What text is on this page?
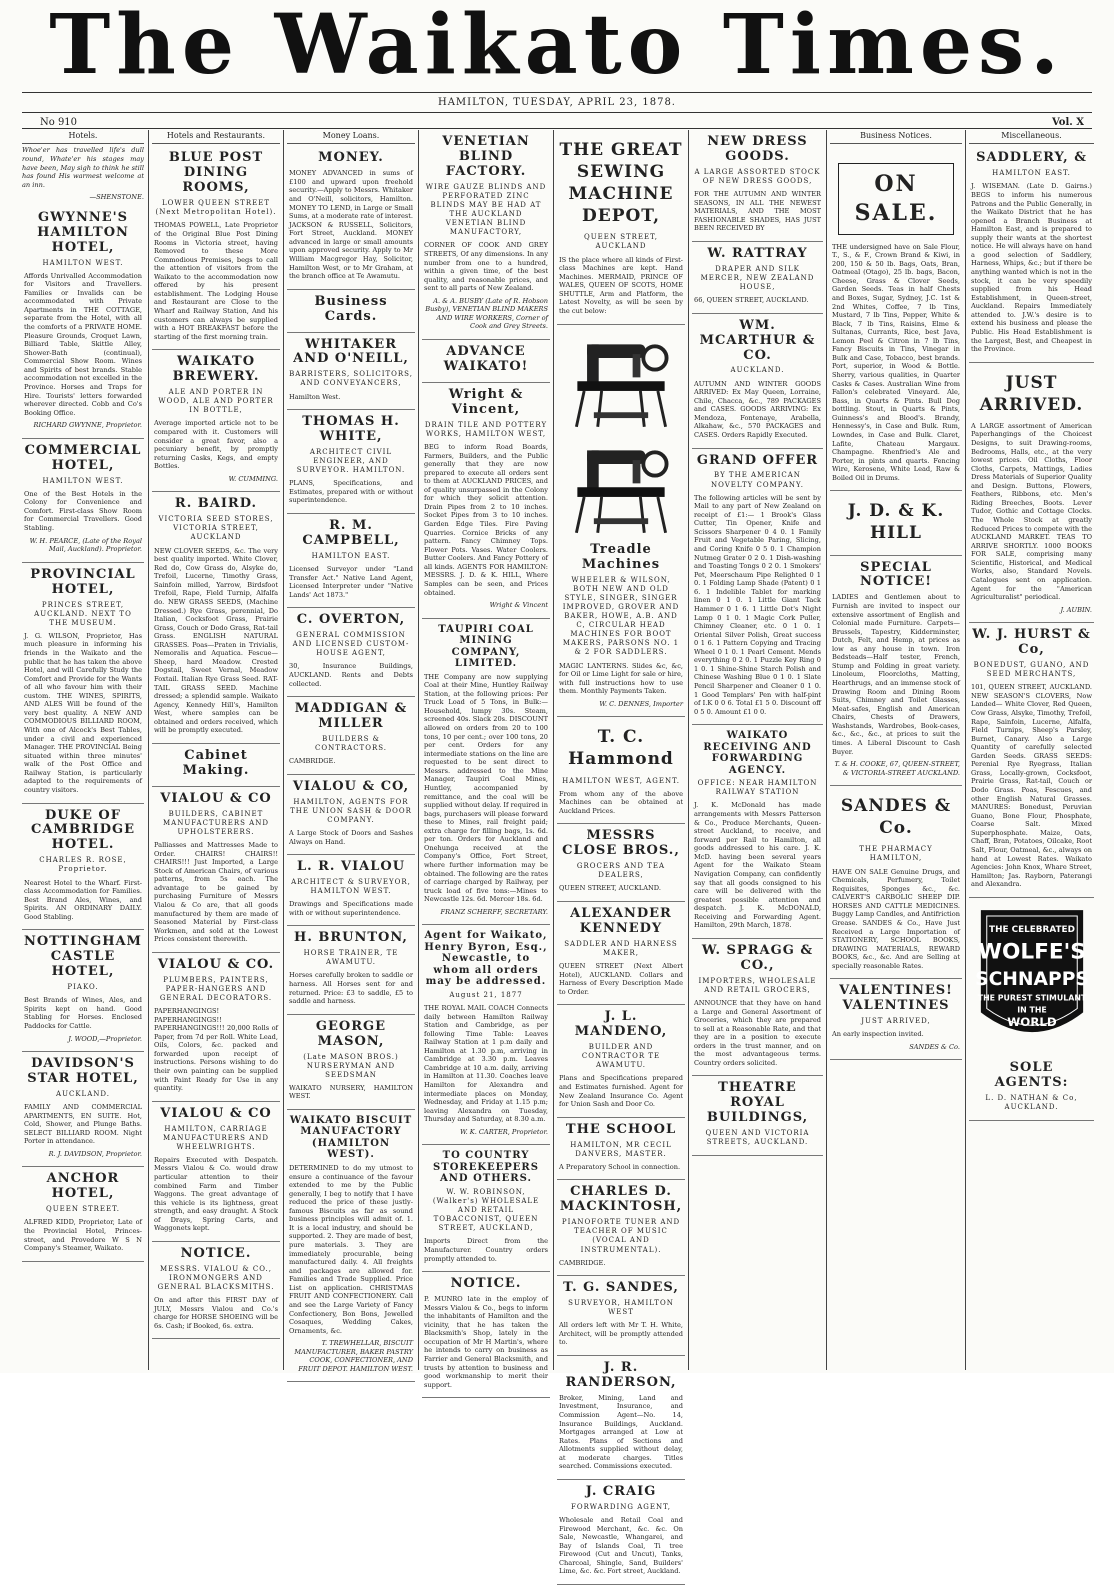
The Waikato Times.
HAMILTON, TUESDAY, APRIL 23, 1878.
No 910	Vol. X
Hotels.

Whoe'er has travelled life's dull round, Whate'er his stages may have been, May sigh to think he still has found His warmest welcome at an inn.

—SHENSTONE.

GWYNNE'S HAMILTON HOTEL,

HAMILTON WEST.

Affords Unrivalled Accommodation for Visitors and Travellers. Families or Invalids can be accommodated with Private Apartments in THE COTTAGE, separate from the Hotel, with all the comforts of a PRIVATE HOME. Pleasure Grounds, Croquet Lawn, Billiard Table, Skittle Alley, Shower-Bath (continual), Commercial Show Room. Wines and Spirits of best brands. Stable accommodation not excelled in the Province. Horses and Traps for Hire. Tourists' letters forwarded wherever directed. Cobb and Co's Booking Office.

RICHARD GWYNNE, Proprietor.

COMMERCIAL HOTEL,

HAMILTON WEST.

One of the Best Hotels in the Colony for Convenience and Comfort. First-class Show Room for Commercial Travellers. Good Stabling.

W. H. PEARCE, (Late of the Royal Mail, Auckland). Proprietor.

PROVINCIAL HOTEL,

PRINCES STREET, AUCKLAND. NEXT TO THE MUSEUM.

J. G. WILSON, Proprietor, Has much pleasure in informing his friends in the Waikato and the public that he has taken the above Hotel, and will Carefully Study the Comfort and Provide for the Wants of all who favour him with their custom. THE WINES, SPIRITS, AND ALES Will be found of the very best quality. A NEW AND COMMODIOUS BILLIARD ROOM, With one of Alcock's Best Tables, under a civil and experienced Manager. THE PROVINCIAL Being situated within three minutes' walk of the Post Office and Railway Station, is particularly adapted to the requirements of country visitors.

DUKE OF CAMBRIDGE HOTEL.

CHARLES R. ROSE, Proprietor.

Nearest Hotel to the Wharf. First-class Accommodation for Families. Best Brand Ales, Wines, and Spirits. AN ORDINARY DAILY. Good Stabling.

NOTTINGHAM CASTLE HOTEL,

PIAKO.

Best Brands of Wines, Ales, and Spirits kept on hand. Good Stabling for Horses. Enclosed Paddocks for Cattle.

J. WOOD,—Proprietor.

DAVIDSON'S STAR HOTEL,

AUCKLAND.

FAMILY AND COMMERCIAL APARTMENTS, EN SUITE. Hot, Cold, Shower, and Plunge Baths. SELECT BILLIARD ROOM. Night Porter in attendance.

R. J. DAVIDSON, Proprietor.

ANCHOR HOTEL,

QUEEN STREET.

ALFRED KIDD, Proprietor, Late of the Provincial Hotel, Princes-street, and Provedore W S N Company's Steamer, Waikato.

Hotels and Restaurants.
BLUE POST DINING ROOMS,

LOWER QUEEN STREET (Next Metropolitan Hotel).

THOMAS POWELL, Late Proprietor of the Original Blue Post Dining Rooms in Victoria street, having Removed to these More Commodious Premises, begs to call the attention of visitors from the Waikato to the accommodation now offered by his present establishment. The Lodging House and Restaurant are Close to the Wharf and Railway Station, And his customers can always be supplied with a HOT BREAKFAST before the starting of the first morning train.

WAIKATO BREWERY.

ALE AND PORTER IN WOOD, ALE AND PORTER IN BOTTLE,

Average imported article not to be compared with it. Customers will consider a great favor, also a pecuniary benefit, by promptly returning Casks, Kegs, and empty Bottles.

W. CUMMING.

R. BAIRD.

VICTORIA SEED STORES, VICTORIA STREET, AUCKLAND

NEW CLOVER SEEDS, &c. The very best quality imported. White Clover, Red do, Cow Grass do, Alsyke do, Trefoil, Lucerne, Timothy Grass, Sainfoin milled, Yarrow, Birdsfoot Trefoil, Rape, Field Turnip, Alfalfa do. NEW GRASS SEEDS, (Machine Dressed.) Rye Grass, perennial, Do Italian, Cocksfoot Grass, Prairie Grass, Couch or Dodo Grass, Rat-tail Grass. ENGLISH NATURAL GRASSES. Poas—Praten in Trivialis, Nemoralis and Aquatica. Fescue—Sheep, hard Meadow. Crested Dogstail, Sweet Vernal, Meadow Foxtail. Italian Rye Grass Seed. RAT-TAIL GRASS SEED. Machine dressed; a splendid sample. Waikato Agency, Kennedy Hill's, Hamilton West, where samples can be obtained and orders received, which will be promptly executed.

Cabinet Making.
VIALOU & CO

BUILDERS, CABINET MANUFACTURERS AND UPHOLSTERERS.

Palliasses and Mattresses Made to Order. CHAIRS! CHAIRS!! CHAIRS!!! Just Imported, a Large Stock of American Chairs, of various patterns, from 5s each. The advantage to be gained by purchasing Furniture of Messrs Vialou & Co are, that all goods manufactured by them are made of Seasoned Material by First-class Workmen, and sold at the Lowest Prices consistent therewith.

VIALOU & CO.

PLUMBERS, PAINTERS, PAPER-HANGERS AND GENERAL DECORATORS.

PAPERHANGINGS! PAPERHANGINGS!! PAPERHANGINGS!!! 20,000 Rolls of Paper, from 7d per Roll. White Lead, Oils, Colors, &c. packed and forwarded upon receipt of instructions. Persons wishing to do their own painting can be supplied with Paint Ready for Use in any quantity.

VIALOU & CO

HAMILTON, CARRIAGE MANUFACTURERS AND WHEELWRIGHTS.

Repairs Executed with Despatch. Messrs Vialou & Co. would draw particular attention to their combined Farm and Timber Waggons. The great advantage of this vehicle is its lightness, great strength, and easy draught. A Stock of Drays, Spring Carts, and Waggonets kept.

NOTICE.

MESSRS. VIALOU & CO., IRONMONGERS AND GENERAL BLACKSMITHS.

On and after this FIRST DAY of JULY, Messrs Vialou and Co.'s charge for HORSE SHOEING will be 6s. Cash; if Booked, 6s. extra.

Money Loans.
MONEY.

MONEY ADVANCED in sums of £100 and upward upon freehold security.—Apply to Messrs. Whitaker and O'Neill, solicitors, Hamilton. MONEY TO LEND, in Large or Small Sums, at a moderate rate of interest. JACKSON & RUSSELL, Solicitors, Fort Street, Auckland. MONEY advanced in large or small amounts upon approved security. Apply to Mr William Macgregor Hay, Solicitor, Hamilton West, or to Mr Graham, at the branch office at Te Awamutu.

Business Cards.
WHITAKER AND O'NEILL,

BARRISTERS, SOLICITORS, AND CONVEYANCERS,

Hamilton West.

THOMAS H. WHITE,

ARCHITECT CIVIL ENGINEER, AND SURVEYOR. HAMILTON.

PLANS, Specifications, and Estimates, prepared with or without superintendence.

R. M. CAMPBELL,

HAMILTON EAST.

Licensed Surveyor under "Land Transfer Act." Native Land Agent, Licensed Interpreter under "Native Lands' Act 1873."

C. OVERTON,

GENERAL COMMISSION AND LICENSED CUSTOM-HOUSE AGENT,

30, Insurance Buildings, AUCKLAND. Rents and Debts collected.

MADDIGAN & MILLER

BUILDERS & CONTRACTORS.

CAMBRIDGE.

VIALOU & CO,

HAMILTON, AGENTS FOR THE UNION SASH & DOOR COMPANY.

A Large Stock of Doors and Sashes Always on Hand.

L. R. VIALOU

ARCHITECT & SURVEYOR, HAMILTON WEST.

Drawings and Specifications made with or without superintendence.

H. BRUNTON,

HORSE TRAINER, TE AWAMUTU.

Horses carefully broken to saddle or harness. All Horses sent for and returned. Price: £3 to saddle, £5 to saddle and harness.

GEORGE MASON,

(Late MASON BROS.) NURSERYMAN AND SEEDSMAN

WAIKATO NURSERY, HAMILTON WEST.

WAIKATO BISCUIT MANUFACTORY (HAMILTON WEST).

DETERMINED to do my utmost to ensure a continuance of the favour extended to me by the Public generally, I beg to notify that I have reduced the price of these justly-famous Biscuits as far as sound business principles will admit of. 1. It is a local industry, and should be supported. 2. They are made of best, pure materials. 3. They are immediately procurable, being manufactured daily. 4. All freights and packages are allowed for. Families and Trade Supplied. Price List on application. CHRISTMAS FRUIT AND CONFECTIONERY. Call and see the Large Variety of Fancy Confectionery, Bon Bons, Jewelled Cosaques, Wedding Cakes, Ornaments, &c.

T. TREWHELLAR, BISCUIT MANUFACTURER, BAKER PASTRY COOK, CONFECTIONER, AND FRUIT DEPOT. HAMILTON WEST.

VENETIAN BLIND FACTORY.

WIRE GAUZE BLINDS AND PERFORATED ZINC BLINDS MAY BE HAD AT THE AUCKLAND VENETIAN BLIND MANUFACTORY,

CORNER OF COOK AND GREY STREETS, Of any dimensions. In any number from one to a hundred, within a given time, of the best quality, and reasonable prices, and sent to all parts of New Zealand.

A. & A. BUSBY (Late of R. Hobson Busby), VENETIAN BLIND MAKERS AND WIRE WORKERS, Corner of Cook and Grey Streets.

ADVANCE WAIKATO!
Wright & Vincent,

DRAIN TILE AND POTTERY WORKS, HAMILTON WEST,

BEG to inform Road Boards, Farmers, Builders, and the Public generally that they are now prepared to execute all orders sent to them at AUCKLAND PRICES, and of quality unsurpassed in the Colony for which they solicit attention. Drain Pipes from 2 to 10 inches. Socket Pipes from 3 to 10 inches. Garden Edge Tiles. Fire Paving Quarries. Cornice Bricks of any pattern. Fancy Chimney Tops. Flower Pots. Vases. Water Coolers. Butter Coolers. And Fancy Pottery of all kinds. AGENTS FOR HAMILTON: MESSRS. J. D. & K. HILL, Where Samples can be seen, and Prices obtained.

Wright & Vincent

TAUPIRI COAL MINING COMPANY, LIMITED.

THE Company are now supplying Coal at their Mine, Huntley Railway Station, at the following prices: Per Truck Load of 5 Tons, in Bulk:— Household, lumpy 30s. Steam, screened 40s. Slack 20s. DISCOUNT allowed on orders from 20 to 100 tons, 10 per cent.; over 100 tons, 20 per cent. Orders for any intermediate stations on the line are requested to be sent direct to Messrs. addressed to the Mine Manager, Taupiri Coal Mines, Huntley, accompanied by remittance, and the coal will be supplied without delay. If required in bags, purchasers will please forward these to Mines, rail freight paid; extra charge for filling bags, 1s. 6d. per ton. Orders for Auckland and Onehunga received at the Company's Office, Fort Street, where further information may be obtained. The following are the rates of carriage charged by Railway, per truck load of five tons:—Mines to Newcastle 12s. 6d. Mercer 18s. 6d.

FRANZ SCHERFF, SECRETARY.

Agent for Waikato, Henry Byron, Esq., Newcastle, to whom all orders may be addressed.

August 21, 1877

THE ROYAL MAIL COACH Connects daily between Hamilton Railway Station and Cambridge, as per following Time Table: Leaves Railway Station at 1 p.m daily and Hamilton at 1.30 p.m, arriving in Cambridge at 3.30 p.m. Leaves Cambridge at 10 a.m. daily, arriving in Hamilton at 11.30. Coaches leave Hamilton for Alexandra and intermediate places on Monday, Wednesday, and Friday at 1.15 p.m; leaving Alexandra on Tuesday, Thursday and Saturday, at 8.30 a.m.

W. K. CARTER, Proprietor.

TO COUNTRY STOREKEEPERS AND OTHERS.

W. W. ROBINSON, (Walker's) WHOLESALE AND RETAIL TOBACCONIST, QUEEN STREET, AUCKLAND,

Imports Direct from the Manufacturer. Country orders promptly attended to.

NOTICE.

P. MUNRO late in the employ of Messrs Vialou & Co., begs to inform the inhabitants of Hamilton and the vicinity, that he has taken the Blacksmith's Shop, lately in the occupation of Mr H Martin's, where he intends to carry on business as Farrier and General Blacksmith, and trusts by attention to business and good workmanship to merit their support.

THE GREAT SEWING MACHINE DEPOT,

QUEEN STREET, AUCKLAND

IS the place where all kinds of First-class Machines are kept. Hand Machines. MERMAID, PRINCE OF WALES, QUEEN OF SCOTS, HOME SHUTTLE, Arm and Platform, the Latest Novelty, as will be seen by the cut below:

Treadle Machines

WHEELER & WILSON, BOTH NEW AND OLD STYLE, SINGER, SINGER IMPROVED, GROVER AND BAKER, HOWE, A.B. AND C, CIRCULAR HEAD MACHINES FOR BOOT MAKERS, PARSONS NO. 1 & 2 FOR SADDLERS.

MAGIC LANTERNS. Slides &c, &c, for Oil or Lime Light for sale or hire, with full instructions how to use them. Monthly Payments Taken.

W. C. DENNES, Importer

T. C. Hammond

HAMILTON WEST, AGENT.

From whom any of the above Machines can be obtained at Auckland Prices.

MESSRS CLOSE BROS.,

GROCERS AND TEA DEALERS,

QUEEN STREET, AUCKLAND.

ALEXANDER KENNEDY

SADDLER AND HARNESS MAKER,

QUEEN STREET (Next Albert Hotel), AUCKLAND. Collars and Harness of Every Description Made to Order.

J. L. MANDENO,

BUILDER AND CONTRACTOR TE AWAMUTU.

Plans and Specifications prepared and Estimates furnished. Agent for New Zealand Insurance Co. Agent for Union Sash and Door Co.

THE SCHOOL

HAMILTON, MR CECIL DANVERS, MASTER.

A Preparatory School in connection.

CHARLES D. MACKINTOSH,

PIANOFORTE TUNER AND TEACHER OF MUSIC (VOCAL AND INSTRUMENTAL).

CAMBRIDGE.

T. G. SANDES,

SURVEYOR, HAMILTON WEST

All orders left with Mr T. H. White, Architect, will be promptly attended to.

J. R. RANDERSON,

Broker, Mining, Land and Investment, Insurance, and Commission Agent—No. 14, Insurance Buildings, Auckland. Mortgages arranged at Low at Rates. Plans of Sections and Allotments supplied without delay, at moderate charges. Titles searched. Commissions executed.

J. CRAIG

FORWARDING AGENT,

Wholesale and Retail Coal and Firewood Merchant, &c. &c. On Sale, Newcastle, Whangarei, and Bay of Islands Coal, Ti tree Firewood (Cut and Uncut), Tanks, Charcoal, Shingle, Sand, Builders' Lime, &c. &c. Fort street, Auckland.

NEW DRESS GOODS.

A LARGE ASSORTED STOCK OF NEW DRESS GOODS,

FOR THE AUTUMN AND WINTER SEASONS, IN ALL THE NEWEST MATERIALS, AND THE MOST FASHIONABLE SHADES, HAS JUST BEEN RECEIVED BY

W. RATTRAY

DRAPER AND SILK MERCER, NEW ZEALAND HOUSE,

66, QUEEN STREET, AUCKLAND.

WM. MCARTHUR & CO.

AUCKLAND.

AUTUMN AND WINTER GOODS ARRIVED: Ex May Queen, Lorraine, Chile, Chacca, &c., 789 PACKAGES and CASES. GOODS ARRIVING: Ex Mendoza, Fontenaye, Arabella, Alkahaw, &c., 570 PACKAGES and CASES. Orders Rapidly Executed.

GRAND OFFER

BY THE AMERICAN NOVELTY COMPANY.

The following articles will be sent by Mail to any part of New Zealand on receipt of £1:— 1 Brook's Glass Cutter, Tin Opener, Knife and Scissors Sharpener 0 4 0. 1 Family Fruit and Vegetable Paring, Slicing, and Coring Knife 0 5 0. 1 Champion Nutmeg Grater 0 2 0. 1 Dish-washing and Toasting Tongs 0 2 0. 1 Smokers' Pet, Meerschaum Pipe Relighted 0 1 0. 1 Folding Lamp Shade (Patent) 0 1 6. 1 Indelible Tablet for marking linen 0 1 0. 1 Little Giant Tack Hammer 0 1 6. 1 Little Dot's Night Lamp 0 1 0. 1 Magic Cork Puller, Chimney Cleaner, etc. 0 1 0. 1 Oriental Silver Polish, Great success 0 1 6. 1 Pattern Copying and Tracing Wheel 0 1 0. 1 Pearl Cement. Mends everything 0 2 0. 1 Puzzle Key Ring 0 1 0. 1 Shine-Shine Starch Polish and Chinese Washing Blue 0 1 0. 1 Slate Pencil Sharpener and Cleaner 0 1 0. 1 Good Templars' Pen with half-pint of I.K 0 0 6. Total £1 5 0. Discount off 0 5 0. Amount £1 0 0.

WAIKATO RECEIVING AND FORWARDING AGENCY.

OFFICE: NEAR HAMILTON RAILWAY STATION

J. K. McDonald has made arrangements with Messrs Patterson & Co., Produce Merchants, Queen-street Auckland, to receive, and forward per Rail to Hamilton, all goods addressed to his care. J. K. McD. having been several years Agent for the Waikato Steam Navigation Company, can confidently say that all goods consigned to his care will be delivered with the greatest possible attention and despatch. J. K. McDONALD, Receiving and Forwarding Agent. Hamilton, 29th March, 1878.

W. SPRAGG & CO.,

IMPORTERS, WHOLESALE AND RETAIL GROCERS,

ANNOUNCE that they have on hand a Large and General Assortment of Groceries, which they are prepared to sell at a Reasonable Rate, and that they are in a position to execute orders in the trust manner, and on the most advantageous terms. Country orders solicited.

THEATRE ROYAL BUILDINGS,

QUEEN AND VICTORIA STREETS, AUCKLAND.

Business Notices.
ON SALE.

THE undersigned have on Sale Flour, T., S., & F., Crown Brand & Kiwi, in 200, 150 & 50 lb. Bags, Oats, Bran, Oatmeal (Otago), 25 lb. bags, Bacon, Cheese, Grass & Clover Seeds, Garden Seeds. Teas in half Chests and Boxes, Sugar, Sydney, J.C. 1st & 2nd Whites, Coffee, 7 lb Tins, Mustard, 7 lb Tins, Pepper, White & Black, 7 lb Tins, Raisins, Elme & Sultanas, Currants, Rice, best Java, Lemon Peel & Citron in 7 lb Tins, Fancy Biscuits in Tins, Vinegar in Bulk and Case, Tobacco, best brands. Port, superior, in Wood & Bottle. Sherry, various qualities, in Quarter Casks & Cases. Australian Wine from Fallon's celebrated Vineyard. Ale, Bass, in Quarts & Pints. Bull Dog bottling. Stout, in Quarts & Pints, Guinness's and Blood's. Brandy, Hennessy's, in Case and Bulk. Rum, Lowndes, in Case and Bulk. Claret, Lafite, Chateau Margaux. Champagne. Rhenfried's Ale and Porter, in pints and quarts. Fencing Wire, Kerosene, White Lead, Raw & Boiled Oil in Drums.

J. D. & K. HILL
SPECIAL NOTICE!

LADIES and Gentlemen about to Furnish are invited to inspect our extensive assortment of English and Colonial made Furniture. Carpets—Brussels, Tapestry, Kidderminster, Dutch, Felt, and Hemp, at prices as low as any house in town. Iron Bedsteads—Half tester, French, Stump and Folding in great variety. Linoleum, Floorcloths, Matting, Hearthrugs, and an immense stock of Drawing Room and Dining Room Suits, Chimney and Toilet Glasses, Meat-safes, English and American Chairs, Chests of Drawers, Washstands, Wardrobes, Book-cases, &c., &c., &c., at prices to suit the times. A Liberal Discount to Cash Buyer.

T. & H. COOKE, 67, QUEEN-STREET, & VICTORIA-STREET AUCKLAND.

SANDES & Co.

THE PHARMACY HAMILTON,

HAVE ON SALE Genuine Drugs, and Chemicals, Perfumery, Toilet Requisites, Sponges &c., &c. CALVERT'S CARBOLIC SHEEP DIP. HORSES AND CATTLE MEDICINES. Buggy Lamp Candles, and Antifriction Grease. SANDES & Co., Have Just Received a Large Importation of STATIONERY, SCHOOL BOOKS, DRAWING MATERIALS, REWARD BOOKS, &c., &c. And are Selling at specially reasonable Rates.

VALENTINES! VALENTINES

JUST ARRIVED,

An early inspection invited.

SANDES & Co.

Miscellaneous.
SADDLERY, &

HAMILTON EAST.

J. WISEMAN. (Late D. Gairns.) BEGS to inform his numerous Patrons and the Public Generally, in the Waikato District that he has opened a Branch Business at Hamilton East, and is prepared to supply their wants at the shortest notice. He will always have on hand a good selection of Saddlery, Harness, Whips, &c.; but if there be anything wanted which is not in the stock, it can be very speedily supplied from his Head Establishment, in Queen-street, Auckland. Repairs Immediately attended to. J.W.'s desire is to extend his business and please the Public. His Head Establishment is the Largest, Best, and Cheapest in the Province.

JUST ARRIVED.

A LARGE assortment of American Paperhangings of the Choicest Designs, to suit Drawing-rooms, Bedrooms, Halls, etc., at the very lowest prices. Oil Cloths, Floor Cloths, Carpets, Mattings, Ladies Dress Materials of Superior Quality and Design. Buttons, Flowers, Feathers, Ribbons, etc. Men's Riding Breeches, Boots. Lever Tudor, Gothic and Cottage Clocks. The Whole Stock at greatly Reduced Prices to compete with the AUCKLAND MARKET. TEAS TO ARRIVE SHORTLY. 1000 BOOKS FOR SALE, comprising many Scientific, Historical, and Medical Works, also, Standard Novels. Catalogues sent on application. Agent for the "American Agriculturalist" periodical.

J. AUBIN.

W. J. HURST & Co,

BONEDUST, GUANO, AND SEED MERCHANTS,

101, QUEEN STREET, AUCKLAND. NEW SEASON'S CLOVERS, Now Landed— White Clover, Red Queen, Cow Grass, Alsyke, Timothy, Trefoil, Rape, Sainfoin, Lucerne, Alfalfa, Field Turnips, Sheep's Parsley, Burnet, Canary. Also a Large Quantity of carefully selected Garden Seeds. GRASS SEEDS: Perenial Rye Ryegrass, Italian Grass, Locally-grown, Cocksfoot, Prairie Grass, Rat-tail, Couch or Dodo Grass. Poas, Fescues, and other English Natural Grasses. MANURES: Bonedust, Peruvian Guano, Bone Flour, Phosphate, Coarse Salt. Mixed Superphosphate. Maize, Oats, Chaff, Bran, Potatoes, Oilcake, Root Salt, Flour, Oatmeal, &c., always on hand at Lowest Rates. Waikato Agencies: John Knox, Whare Street, Hamilton; Jas. Rayborn, Paterangi and Alexandra.

THE CELEBRATED
WOLFE'S
SCHNAPPS
THE PUREST STIMULANT
IN THE
WORLD
SOLE AGENTS:

L. D. NATHAN & Co, AUCKLAND.
